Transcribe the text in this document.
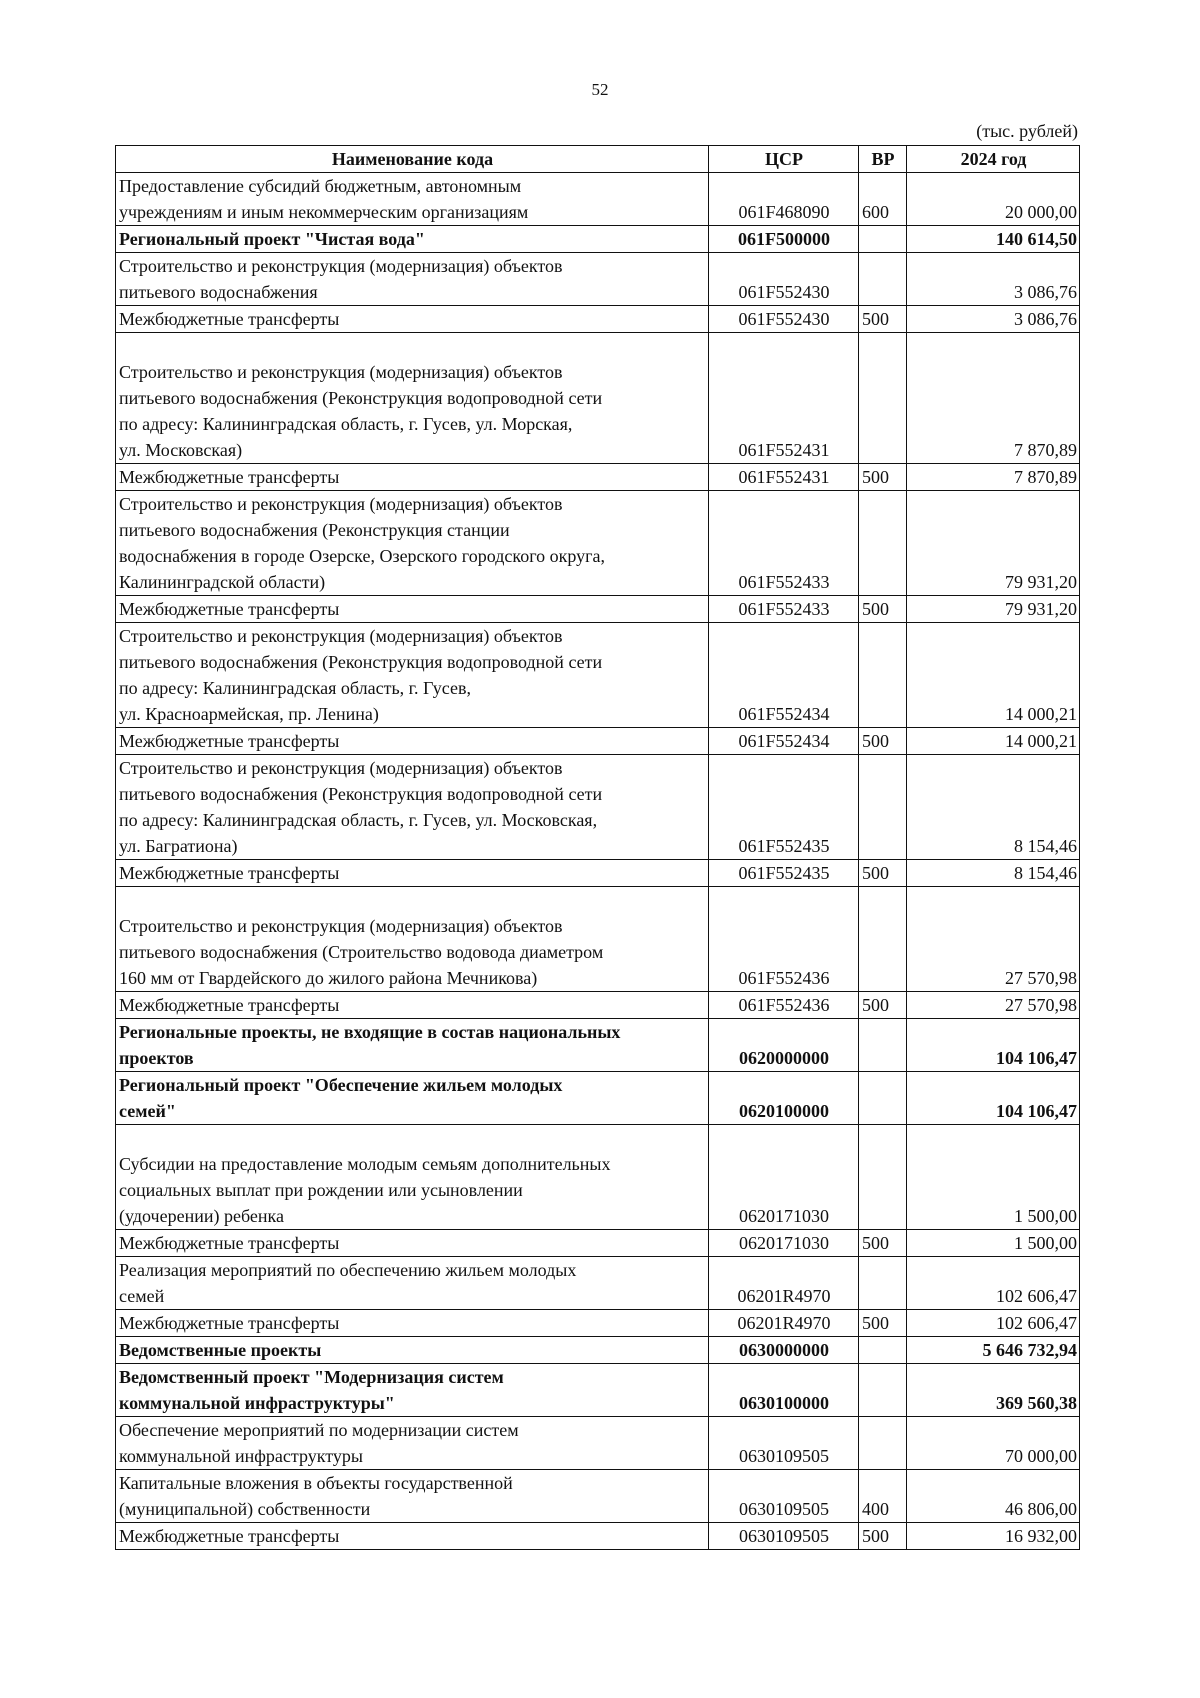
52
(тыс. рублей)
Наименование кода	ЦСР	ВР	2024 год

Предоставление субсидий бюджетным, автономным
учреждениям и иным некоммерческим организациям	061F468090	600	20 000,00

Региональный проект "Чистая вода"	061F500000		140 614,50

Строительство и реконструкция (модернизация) объектов
питьевого водоснабжения	061F552430		3 086,76

Межбюджетные трансферты	061F552430	500	3 086,76

Строительство и реконструкция (модернизация) объектов
питьевого водоснабжения (Реконструкция водопроводной сети
по адресу: Калининградская область, г. Гусев, ул. Морская,
ул. Московская)	061F552431		7 870,89

Межбюджетные трансферты	061F552431	500	7 870,89

Строительство и реконструкция (модернизация) объектов
питьевого водоснабжения (Реконструкция станции
водоснабжения в городе Озерске, Озерского городского округа,
Калининградской области)	061F552433		79 931,20

Межбюджетные трансферты	061F552433	500	79 931,20

Строительство и реконструкция (модернизация) объектов
питьевого водоснабжения (Реконструкция водопроводной сети
по адресу: Калининградская область, г. Гусев,
ул. Красноармейская, пр. Ленина)	061F552434		14 000,21

Межбюджетные трансферты	061F552434	500	14 000,21

Строительство и реконструкция (модернизация) объектов
питьевого водоснабжения (Реконструкция водопроводной сети
по адресу: Калининградская область, г. Гусев, ул. Московская,
ул. Багратиона)	061F552435		8 154,46

Межбюджетные трансферты	061F552435	500	8 154,46

Строительство и реконструкция (модернизация) объектов
питьевого водоснабжения (Строительство водовода диаметром
160 мм от Гвардейского до жилого района Мечникова)	061F552436		27 570,98

Межбюджетные трансферты	061F552436	500	27 570,98

Региональные проекты, не входящие в состав национальных
проектов	0620000000		104 106,47

Региональный проект "Обеспечение жильем молодых
семей"	0620100000		104 106,47

Субсидии на предоставление молодым семьям дополнительных
социальных выплат при рождении или усыновлении
(удочерении) ребенка	0620171030		1 500,00

Межбюджетные трансферты	0620171030	500	1 500,00

Реализация мероприятий по обеспечению жильем молодых
семей	06201R4970		102 606,47

Межбюджетные трансферты	06201R4970	500	102 606,47

Ведомственные проекты	0630000000		5 646 732,94

Ведомственный проект "Модернизация систем
коммунальной инфраструктуры"	0630100000		369 560,38

Обеспечение мероприятий по модернизации систем
коммунальной инфраструктуры	0630109505		70 000,00

Капитальные вложения в объекты государственной
(муниципальной) собственности	0630109505	400	46 806,00

Межбюджетные трансферты	0630109505	500	16 932,00
